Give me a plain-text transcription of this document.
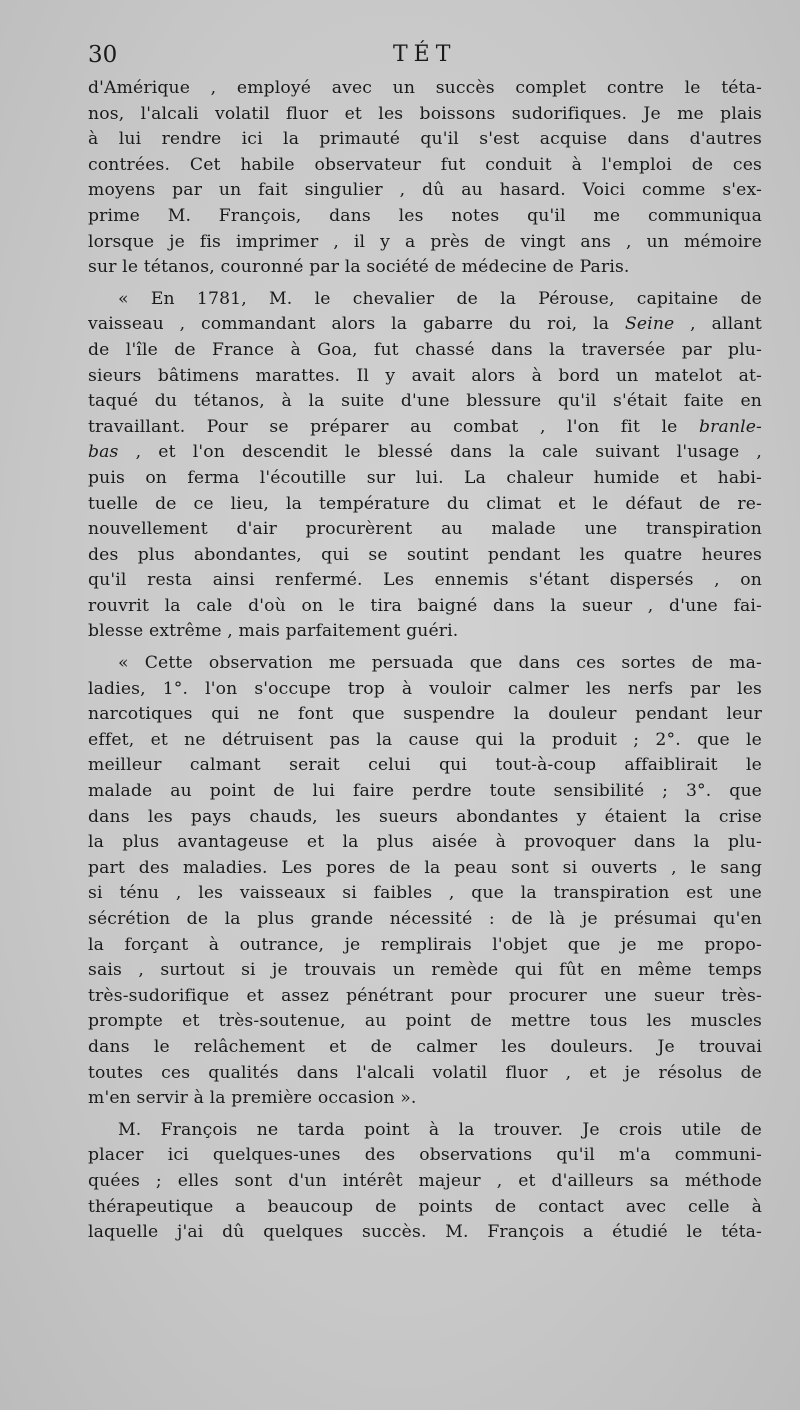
30	TÉT
d'Amérique , employé avec un succès complet contre le téta-
nos, l'alcali volatil fluor et les boissons sudorifiques. Je me plais
à lui rendre ici la primauté qu'il s'est acquise dans d'autres
contrées. Cet habile observateur fut conduit à l'emploi de ces
moyens par un fait singulier , dû au hasard. Voici comme s'ex-
prime M. François, dans les notes qu'il me communiqua
lorsque je fis imprimer , il y a près de vingt ans , un mémoire
sur le tétanos, couronné par la société de médecine de Paris.
« En 1781, M. le chevalier de la Pérouse, capitaine de
vaisseau , commandant alors la gabarre du roi, la Seine , allant
de l'île de France à Goa, fut chassé dans la traversée par plu-
sieurs bâtimens marattes. Il y avait alors à bord un matelot at-
taqué du tétanos, à la suite d'une blessure qu'il s'était faite en
travaillant. Pour se préparer au combat , l'on fit le branle-
bas , et l'on descendit le blessé dans la cale suivant l'usage ,
puis on ferma l'écoutille sur lui. La chaleur humide et habi-
tuelle de ce lieu, la température du climat et le défaut de re-
nouvellement d'air procurèrent au malade une transpiration
des plus abondantes, qui se soutint pendant les quatre heures
qu'il resta ainsi renfermé. Les ennemis s'étant dispersés , on
rouvrit la cale d'où on le tira baigné dans la sueur , d'une fai-
blesse extrême , mais parfaitement guéri.
« Cette observation me persuada que dans ces sortes de ma-
ladies, 1°. l'on s'occupe trop à vouloir calmer les nerfs par les
narcotiques qui ne font que suspendre la douleur pendant leur
effet, et ne détruisent pas la cause qui la produit ; 2°. que le
meilleur calmant serait celui qui tout-à-coup affaiblirait le
malade au point de lui faire perdre toute sensibilité ; 3°. que
dans les pays chauds, les sueurs abondantes y étaient la crise
la plus avantageuse et la plus aisée à provoquer dans la plu-
part des maladies. Les pores de la peau sont si ouverts , le sang
si ténu , les vaisseaux si faibles , que la transpiration est une
sécrétion de la plus grande nécessité : de là je présumai qu'en
la forçant à outrance, je remplirais l'objet que je me propo-
sais , surtout si je trouvais un remède qui fût en même temps
très-sudorifique et assez pénétrant pour procurer une sueur très-
prompte et très-soutenue, au point de mettre tous les muscles
dans le relâchement et de calmer les douleurs. Je trouvai
toutes ces qualités dans l'alcali volatil fluor , et je résolus de
m'en servir à la première occasion ».
M. François ne tarda point à la trouver. Je crois utile de
placer ici quelques-unes des observations qu'il m'a communi-
quées ; elles sont d'un intérêt majeur , et d'ailleurs sa méthode
thérapeutique a beaucoup de points de contact avec celle à
laquelle j'ai dû quelques succès. M. François a étudié le téta-
